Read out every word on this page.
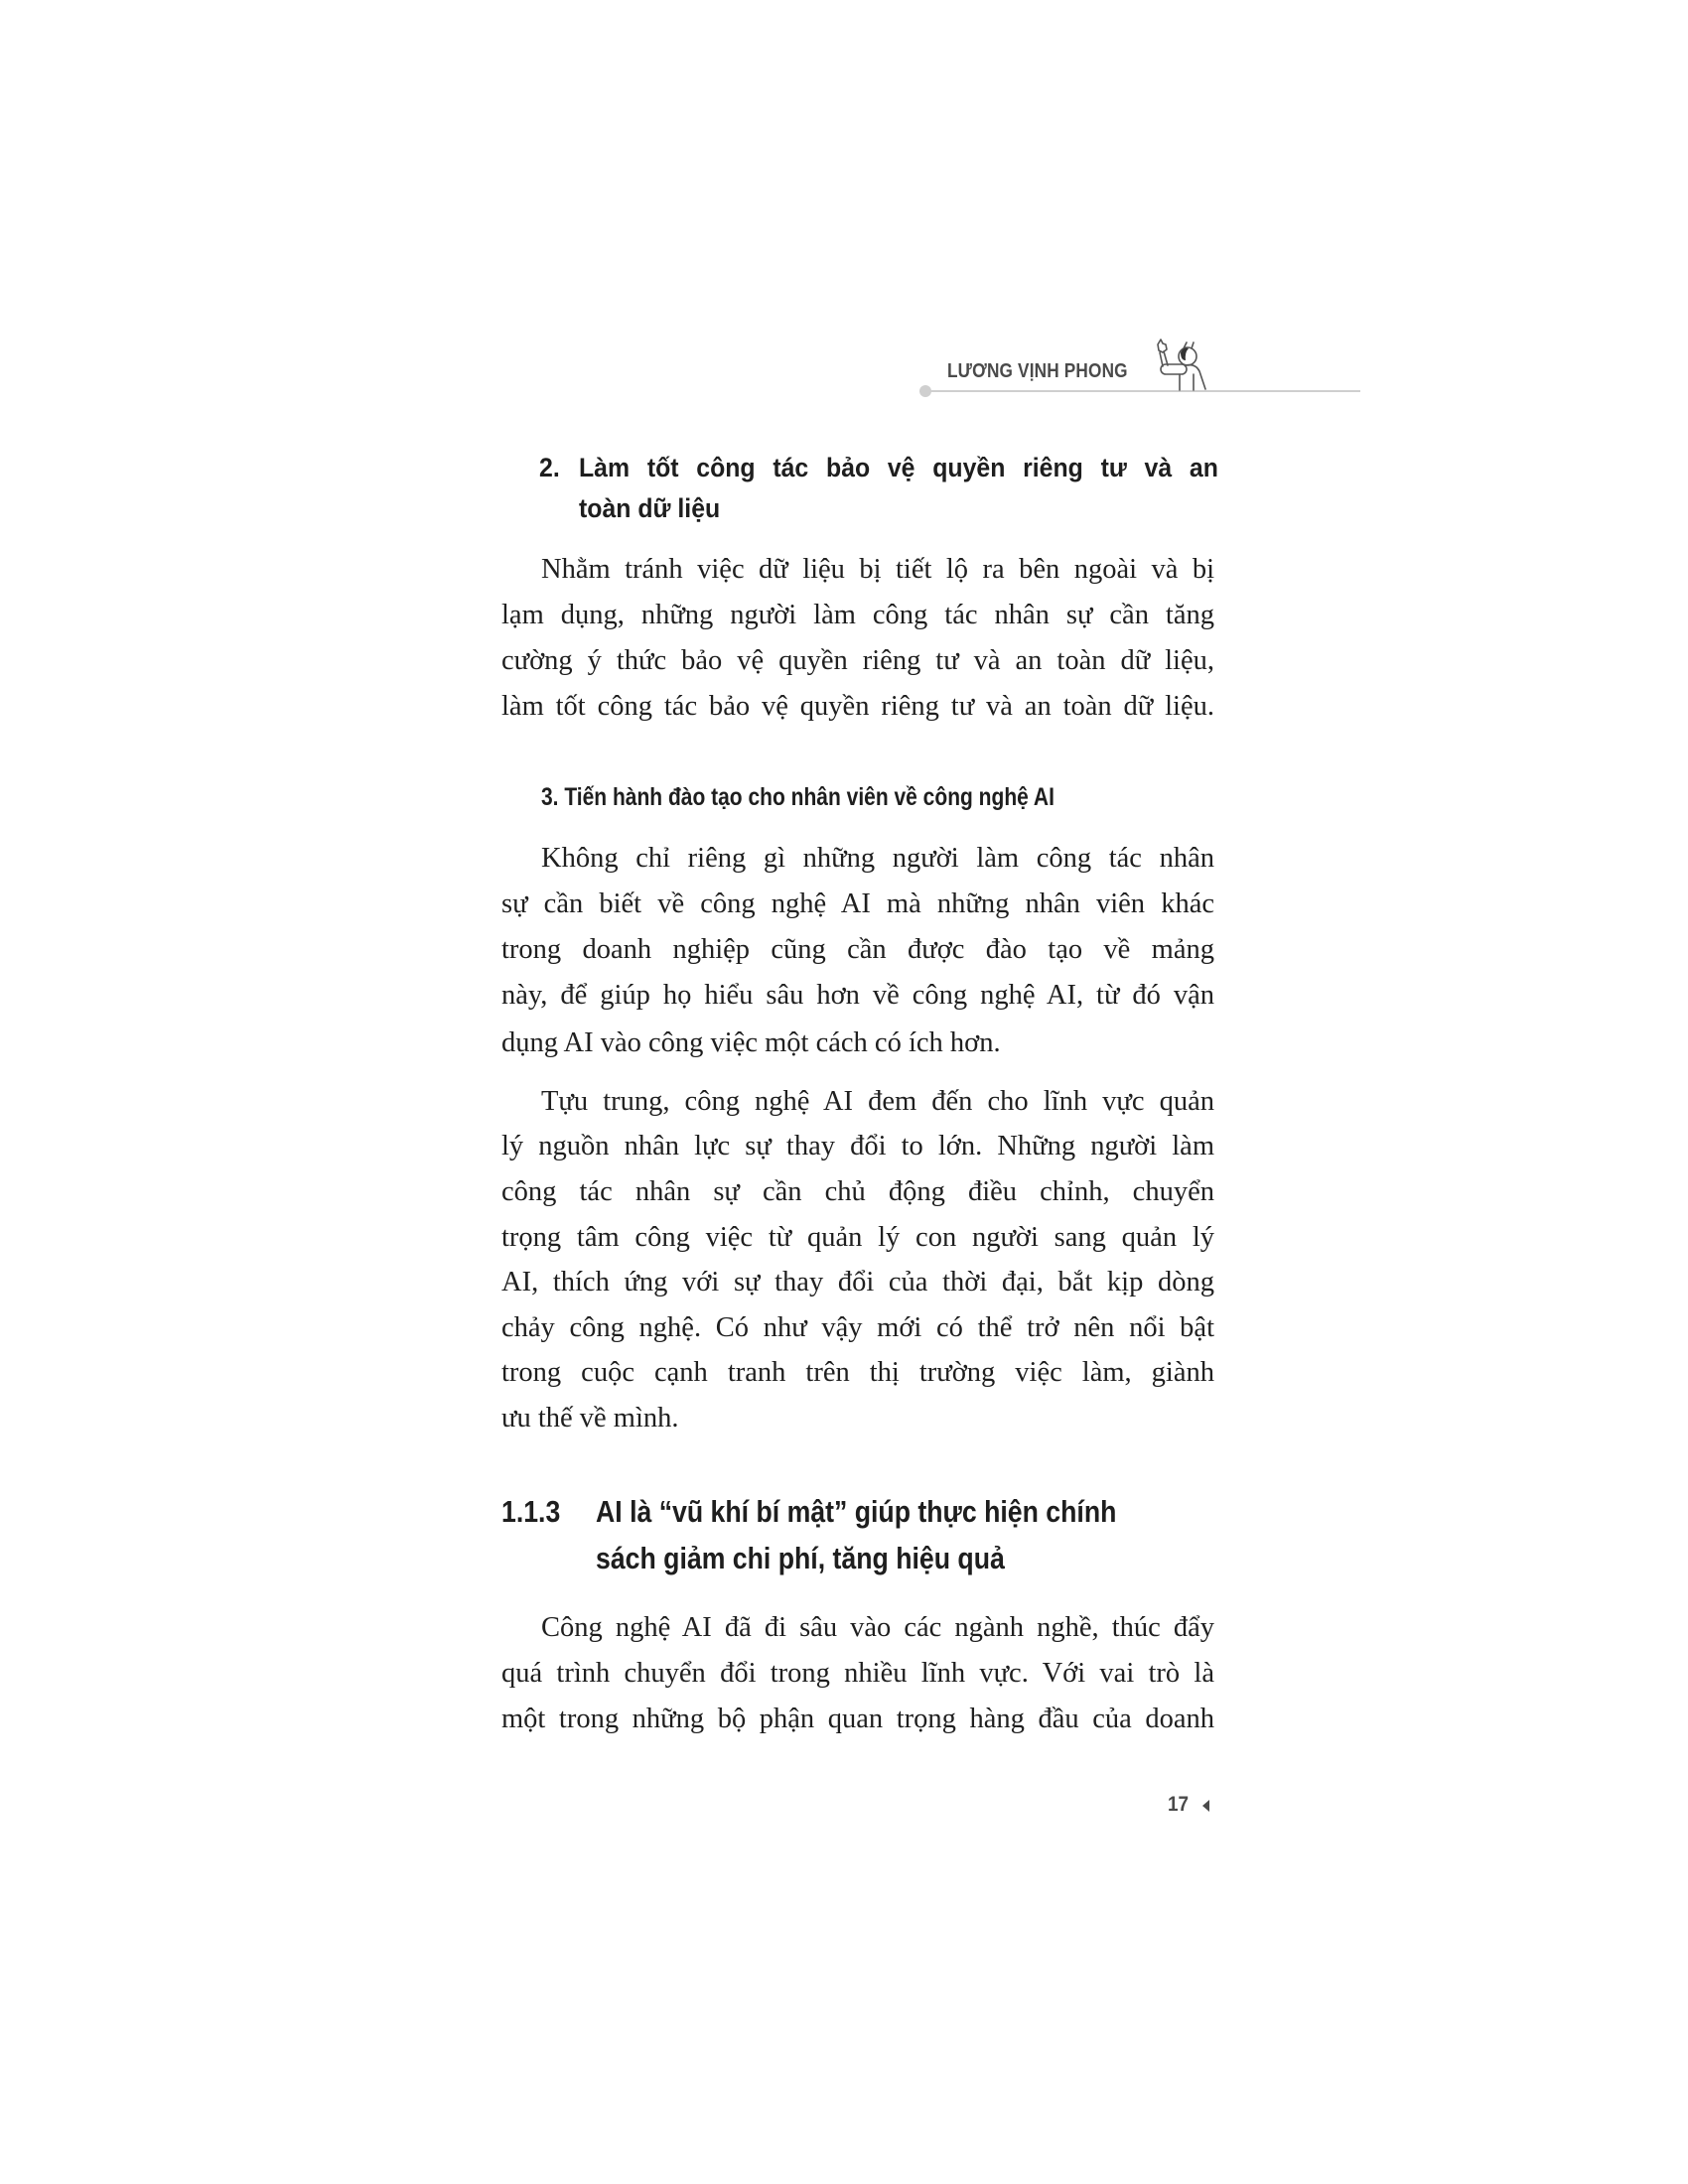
LƯƠNG VỊNH PHONG
2. Làm tốt công tác bảo vệ quyền riêng tư và an
toàn dữ liệu
Nhằm tránh việc dữ liệu bị tiết lộ ra bên ngoài và bị
lạm dụng, những người làm công tác nhân sự cần tăng
cường ý thức bảo vệ quyền riêng tư và an toàn dữ liệu,
làm tốt công tác bảo vệ quyền riêng tư và an toàn dữ liệu.
3. Tiến hành đào tạo cho nhân viên về công nghệ AI
Không chỉ riêng gì những người làm công tác nhân
sự cần biết về công nghệ AI mà những nhân viên khác
trong doanh nghiệp cũng cần được đào tạo về mảng
này, để giúp họ hiểu sâu hơn về công nghệ AI, từ đó vận
dụng AI vào công việc một cách có ích hơn.
Tựu trung, công nghệ AI đem đến cho lĩnh vực quản
lý nguồn nhân lực sự thay đổi to lớn. Những người làm
công tác nhân sự cần chủ động điều chỉnh, chuyển
trọng tâm công việc từ quản lý con người sang quản lý
AI, thích ứng với sự thay đổi của thời đại, bắt kịp dòng
chảy công nghệ. Có như vậy mới có thể trở nên nổi bật
trong cuộc cạnh tranh trên thị trường việc làm, giành
ưu thế về mình.
1.1.3 AI là “vũ khí bí mật” giúp thực hiện chính
sách giảm chi phí, tăng hiệu quả
Công nghệ AI đã đi sâu vào các ngành nghề, thúc đẩy
quá trình chuyển đổi trong nhiều lĩnh vực. Với vai trò là
một trong những bộ phận quan trọng hàng đầu của doanh
17
